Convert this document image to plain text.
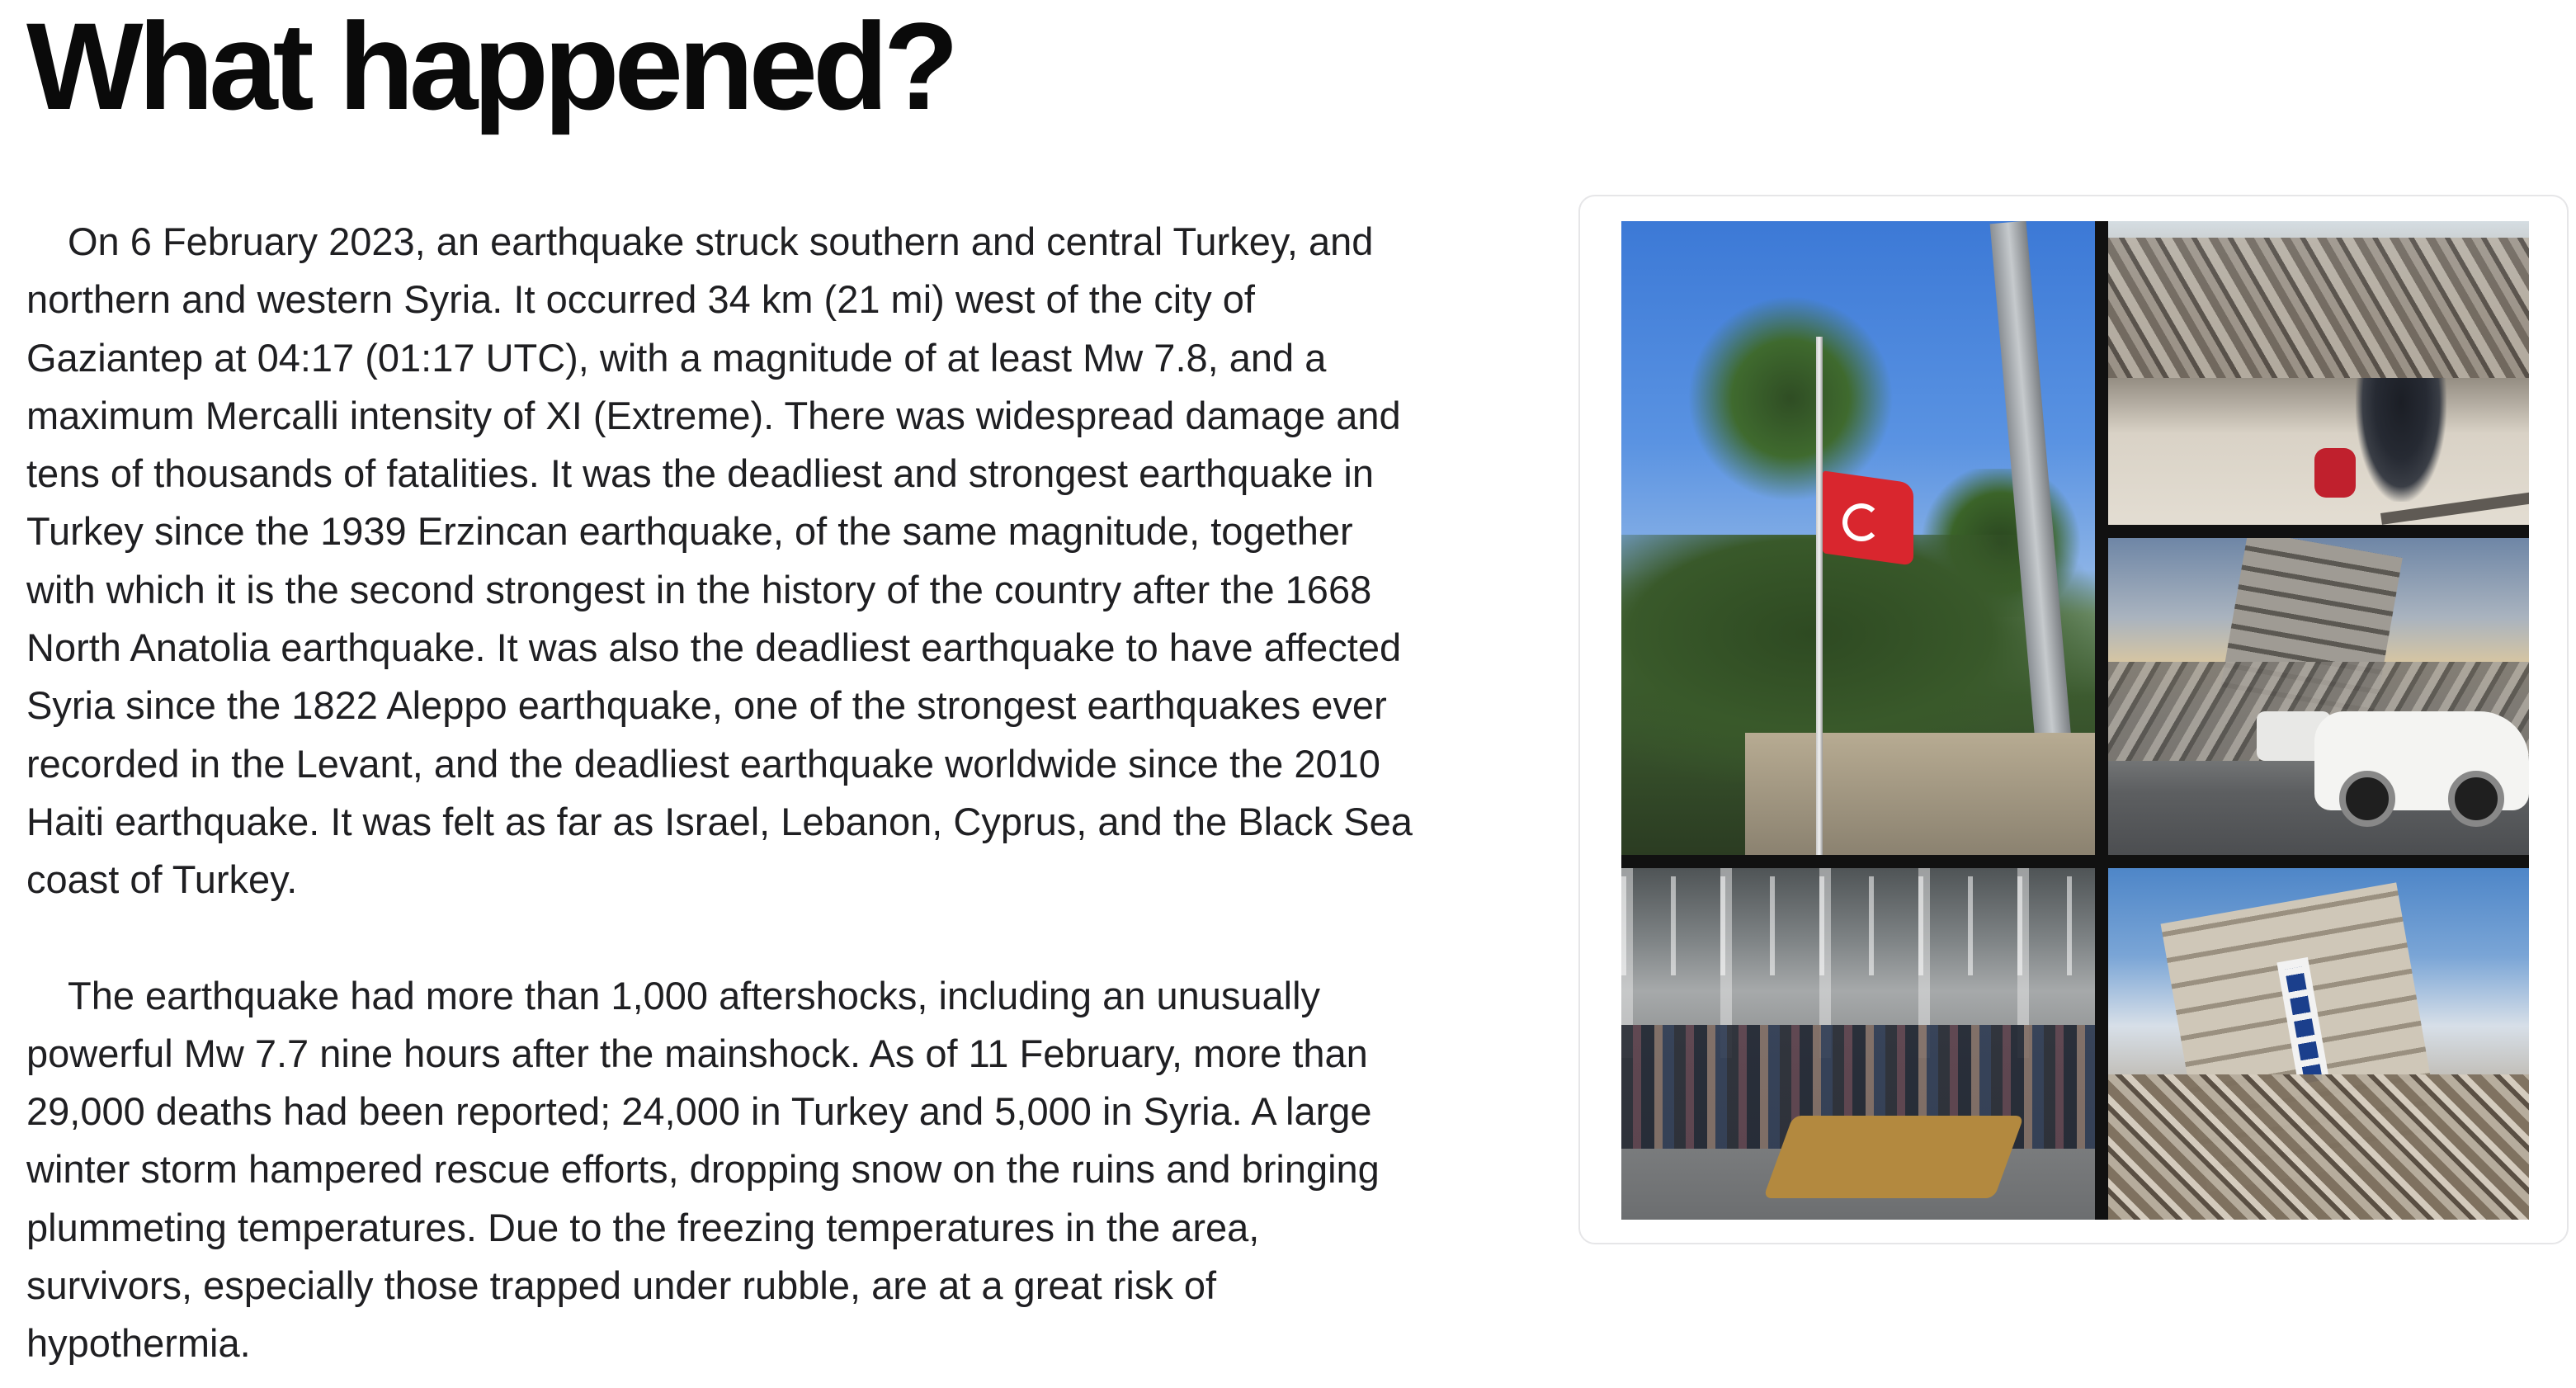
What happened?

On 6 February 2023, an earthquake struck southern and central Turkey, and northern and western Syria. It occurred 34 km (21 mi) west of the city of Gaziantep at 04:17 (01:17 UTC), with a magnitude of at least Mw 7.8, and a maximum Mercalli intensity of XI (Extreme). There was widespread damage and tens of thousands of fatalities. It was the deadliest and strongest earthquake in Turkey since the 1939 Erzincan earthquake, of the same magnitude, together with which it is the second strongest in the history of the country after the 1668 North Anatolia earthquake. It was also the deadliest earthquake to have affected Syria since the 1822 Aleppo earthquake, one of the strongest earthquakes ever recorded in the Levant, and the deadliest earthquake worldwide since the 2010 Haiti earthquake. It was felt as far as Israel, Lebanon, Cyprus, and the Black Sea coast of Turkey.

The earthquake had more than 1,000 aftershocks, including an unusually powerful Mw 7.7 nine hours after the mainshock. As of 11 February, more than 29,000 deaths had been reported; 24,000 in Turkey and 5,000 in Syria. A large winter storm hampered rescue efforts, dropping snow on the ruins and bringing plummeting temperatures. Due to the freezing temperatures in the area, survivors, especially those trapped under rubble, are at a great risk of hypothermia.
